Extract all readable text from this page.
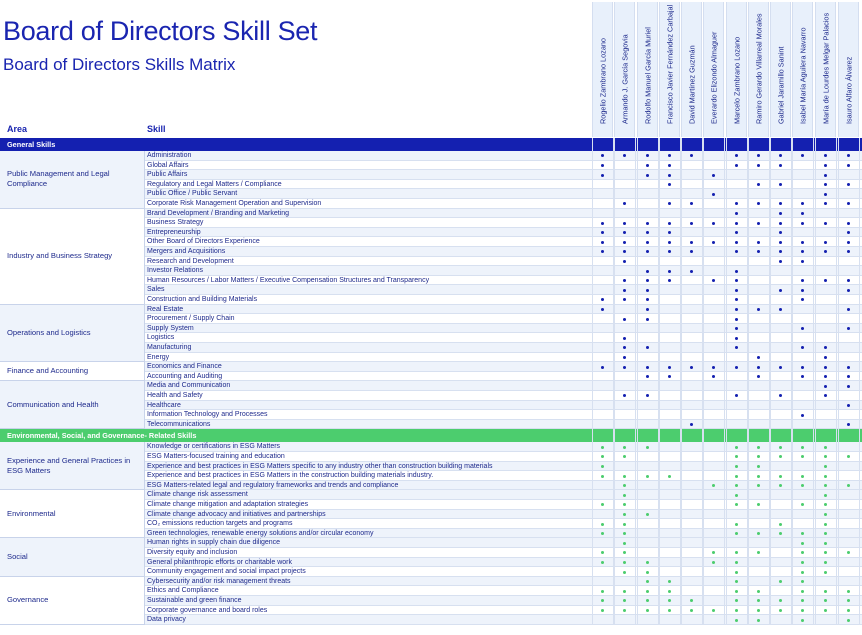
Board of Directors Skill Set
Board of Directors Skills Matrix
Area	Skill
Rogelio Zambrano Lozano Armando J. García Segovia Rodolfo Manuel García Muriel Francisco Javier Fernández Carbajal David Martínez Guzmán Everardo Elizondo Almaguer Marcelo Zambrano Lozano Ramiro Gerardo Villarreal Morales Gabriel Jaramillo Sanint Isabel María Aguilera Navarro María de Lourdes Melgar Palacios Isauro Alfaro Álvarez
General Skills
Public Management and Legal Compliance
Administration
Global Affairs
Public Affairs
Regulatory and Legal Matters / Compliance
Public Office / Public Servant
Corporate Risk Management Operation and Supervision
Industry and Business Strategy
Brand Development / Branding and Marketing
Business Strategy
Entrepreneurship
Other Board of Directors Experience
Mergers and Acquisitions
Research and Development
Investor Relations
Human Resources / Labor Matters / Executive Compensation Structures and Transparency
Sales
Construction and Building Materials
Operations and Logistics
Real Estate
Procurement / Supply Chain
Supply System
Logistics
Manufacturing
Energy
Finance and Accounting	Economics and Finance
Accounting and Auditing
Communication and Health
Media and Communication
Health and Safety
Healthcare
Information Technology and Processes
Telecommunications
Environmental, Social, and Governance- Related Skills
Experience and General Practices in ESG Matters
Knowledge or certifications in ESG Matters
ESG Matters-focused training and education
Experience and best practices in ESG Matters specific to any industry other than construction building materials
Experience and best practices in ESG Matters in the construction building materials industry.
ESG Matters-related legal and regulatory frameworks and trends and compliance
Environmental
Climate change risk assessment
Climate change mitigation and adaptation strategies
Climate change advocacy and initiatives and partnerships
CO₂ emissions reduction targets and programs
Green technologies, renewable energy solutions and/or circular economy
Social
Human rights in supply chain due diligence
Diversity equity and inclusion
General philanthropic efforts or charitable work
Community engagement and social impact projects
Governance
Cybersecurity and/or risk management threats
Ethics and Compliance
Sustainable and green finance
Corporate governance and board roles
Data privacy
